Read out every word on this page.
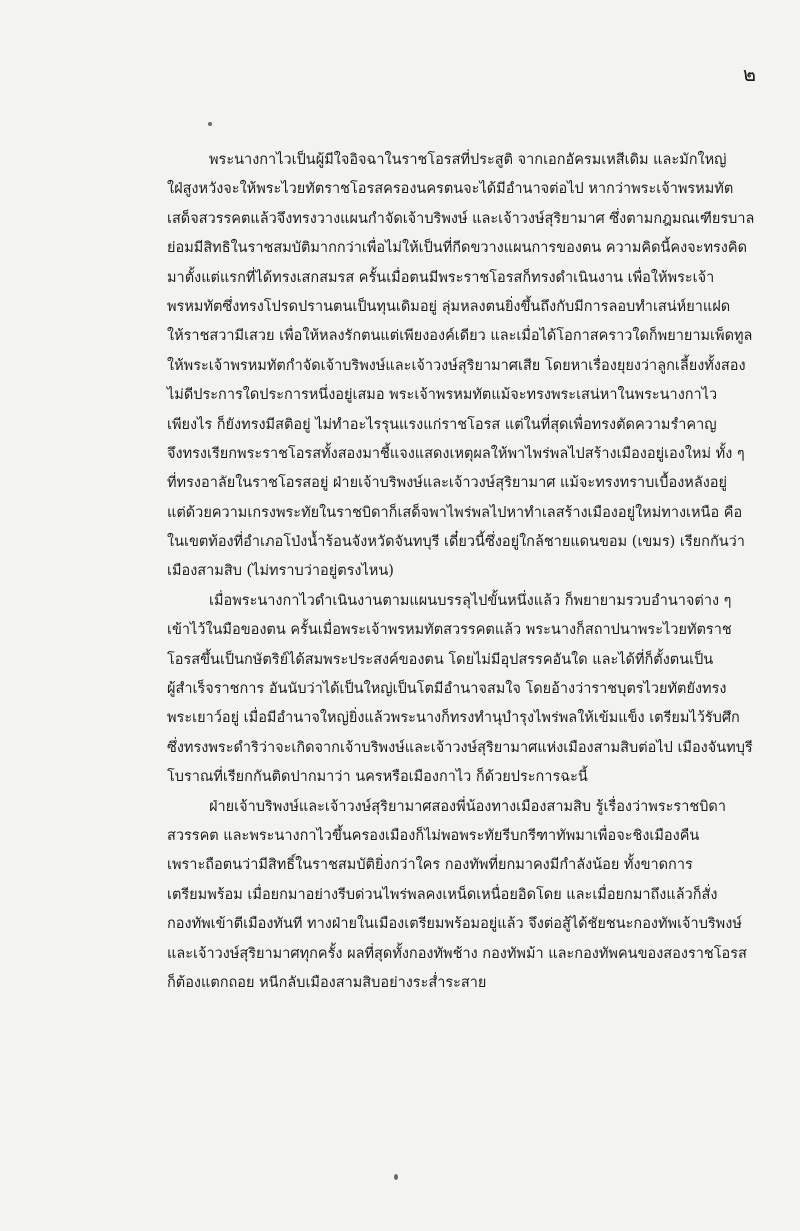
๒
พระนางกาไวเป็นผู้มีใจอิจฉาในราชโอรสที่ประสูติ จากเอกอัครมเหสีเดิม และมักใหญ่
ใฝ่สูงหวังจะให้พระไวยทัตราชโอรสครองนครตนจะได้มีอำนาจต่อไป หากว่าพระเจ้าพรหมทัต
เสด็จสวรรคตแล้วจึงทรงวางแผนกำจัดเจ้าบริพงษ์ และเจ้าวงษ์สุริยามาศ ซึ่งตามกฎมณเฑียรบาล
ย่อมมีสิทธิในราชสมบัติมากกว่าเพื่อไม่ให้เป็นที่กีดขวางแผนการของตน ความคิดนี้คงจะทรงคิด
มาตั้งแต่แรกที่ได้ทรงเสกสมรส ครั้นเมื่อตนมีพระราชโอรสก็ทรงดำเนินงาน เพื่อให้พระเจ้า
พรหมทัตซึ่งทรงโปรดปรานตนเป็นทุนเดิมอยู่ ลุ่มหลงตนยิ่งขึ้นถึงกับมีการลอบทำเสน่ห์ยาแฝด
ให้ราชสวามีเสวย เพื่อให้หลงรักตนแต่เพียงองค์เดียว และเมื่อได้โอกาสคราวใดก็พยายามเพ็ดทูล
ให้พระเจ้าพรหมทัตกำจัดเจ้าบริพงษ์และเจ้าวงษ์สุริยามาศเสีย โดยหาเรื่องยุยงว่าลูกเลี้ยงทั้งสอง
ไม่ดีประการใดประการหนึ่งอยู่เสมอ พระเจ้าพรหมทัตแม้จะทรงพระเสน่หาในพระนางกาไว
เพียงไร ก็ยังทรงมีสติอยู่ ไม่ทำอะไรรุนแรงแก่ราชโอรส แต่ในที่สุดเพื่อทรงตัดความรำคาญ
จึงทรงเรียกพระราชโอรสทั้งสองมาชี้แจงแสดงเหตุผลให้พาไพร่พลไปสร้างเมืองอยู่เองใหม่ ทั้ง ๆ
ที่ทรงอาลัยในราชโอรสอยู่ ฝ่ายเจ้าบริพงษ์และเจ้าวงษ์สุริยามาศ แม้จะทรงทราบเบื้องหลังอยู่
แต่ด้วยความเกรงพระทัยในราชบิดาก็เสด็จพาไพร่พลไปหาทำเลสร้างเมืองอยู่ใหม่ทางเหนือ คือ
ในเขตท้องที่อำเภอโป่งน้ำร้อนจังหวัดจันทบุรี เดี๋ยวนี้ซึ่งอยู่ใกล้ชายแดนขอม (เขมร) เรียกกันว่า
เมืองสามสิบ (ไม่ทราบว่าอยู่ตรงไหน)
เมื่อพระนางกาไวดำเนินงานตามแผนบรรลุไปขั้นหนึ่งแล้ว ก็พยายามรวบอำนาจต่าง ๆ
เข้าไว้ในมือของตน ครั้นเมื่อพระเจ้าพรหมทัตสวรรคตแล้ว พระนางก็สถาปนาพระไวยทัตราช
โอรสขึ้นเป็นกษัตริย์ได้สมพระประสงค์ของตน โดยไม่มีอุปสรรคอันใด และได้ที่ก็ตั้งตนเป็น
ผู้สำเร็จราชการ อันนับว่าได้เป็นใหญ่เป็นโตมีอำนาจสมใจ โดยอ้างว่าราชบุตรไวยทัตยังทรง
พระเยาว์อยู่ เมื่อมีอำนาจใหญ่ยิ่งแล้วพระนางก็ทรงทำนุบำรุงไพร่พลให้เข้มแข็ง เตรียมไว้รับศึก
ซึ่งทรงพระดำริว่าจะเกิดจากเจ้าบริพงษ์และเจ้าวงษ์สุริยามาศแห่งเมืองสามสิบต่อไป เมืองจันทบุรี
โบราณที่เรียกกันติดปากมาว่า นครหรือเมืองกาไว ก็ด้วยประการฉะนี้
ฝ่ายเจ้าบริพงษ์และเจ้าวงษ์สุริยามาศสองพี่น้องทางเมืองสามสิบ รู้เรื่องว่าพระราชบิดา
สวรรคต และพระนางกาไวขึ้นครองเมืองก็ไม่พอพระทัยรีบกรีฑาทัพมาเพื่อจะชิงเมืองคืน
เพราะถือตนว่ามีสิทธิ์ในราชสมบัติยิ่งกว่าใคร กองทัพที่ยกมาคงมีกำลังน้อย ทั้งขาดการ
เตรียมพร้อม เมื่อยกมาอย่างรีบด่วนไพร่พลคงเหน็ดเหนื่อยอิดโดย และเมื่อยกมาถึงแล้วก็สั่ง
กองทัพเข้าตีเมืองทันที ทางฝ่ายในเมืองเตรียมพร้อมอยู่แล้ว จึงต่อสู้ได้ชัยชนะกองทัพเจ้าบริพงษ์
และเจ้าวงษ์สุริยามาศทุกครั้ง ผลที่สุดทั้งกองทัพช้าง กองทัพม้า และกองทัพคนของสองราชโอรส
ก็ต้องแตกถอย หนีกลับเมืองสามสิบอย่างระส่ำระสาย
